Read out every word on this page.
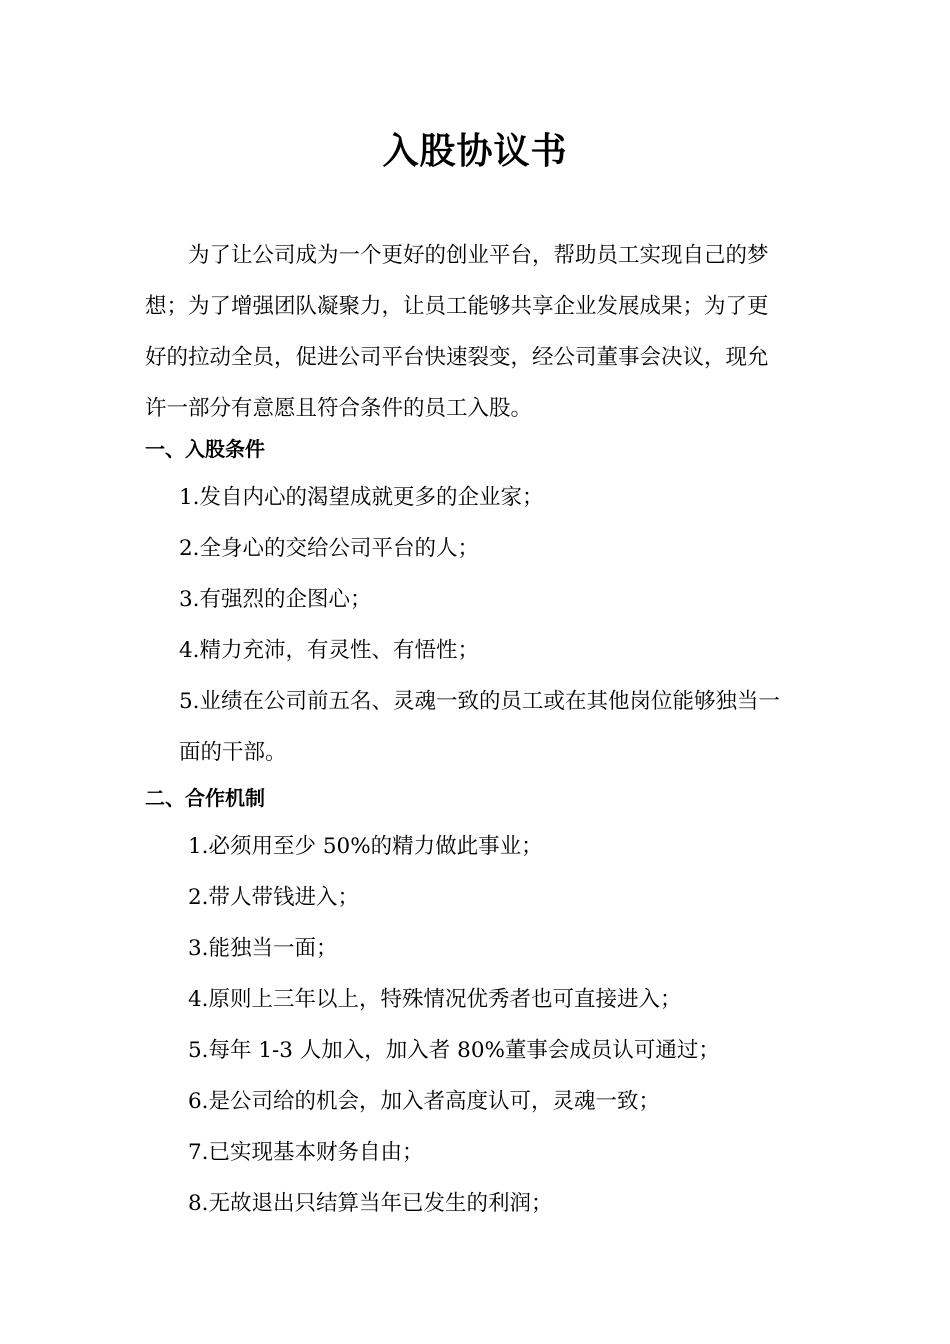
入股协议书

为了让公司成为一个更好的创业平台，帮助员工实现自己的梦

想；为了增强团队凝聚力，让员工能够共享企业发展成果；为了更

好的拉动全员，促进公司平台快速裂变，经公司董事会决议，现允

许一部分有意愿且符合条件的员工入股。

一、入股条件
1.发自内心的渴望成就更多的企业家；
2.全身心的交给公司平台的人；
3.有强烈的企图心；
4.精力充沛，有灵性、有悟性；
5.业绩在公司前五名、灵魂一致的员工或在其他岗位能够独当一
面的干部。
二、合作机制
1.必须用至少 50%的精力做此事业；
2.带人带钱进入；
3.能独当一面；
4.原则上三年以上，特殊情况优秀者也可直接进入；
5.每年 1-3 人加入，加入者 80%董事会成员认可通过；
6.是公司给的机会，加入者高度认可，灵魂一致；
7.已实现基本财务自由；
8.无故退出只结算当年已发生的利润；
